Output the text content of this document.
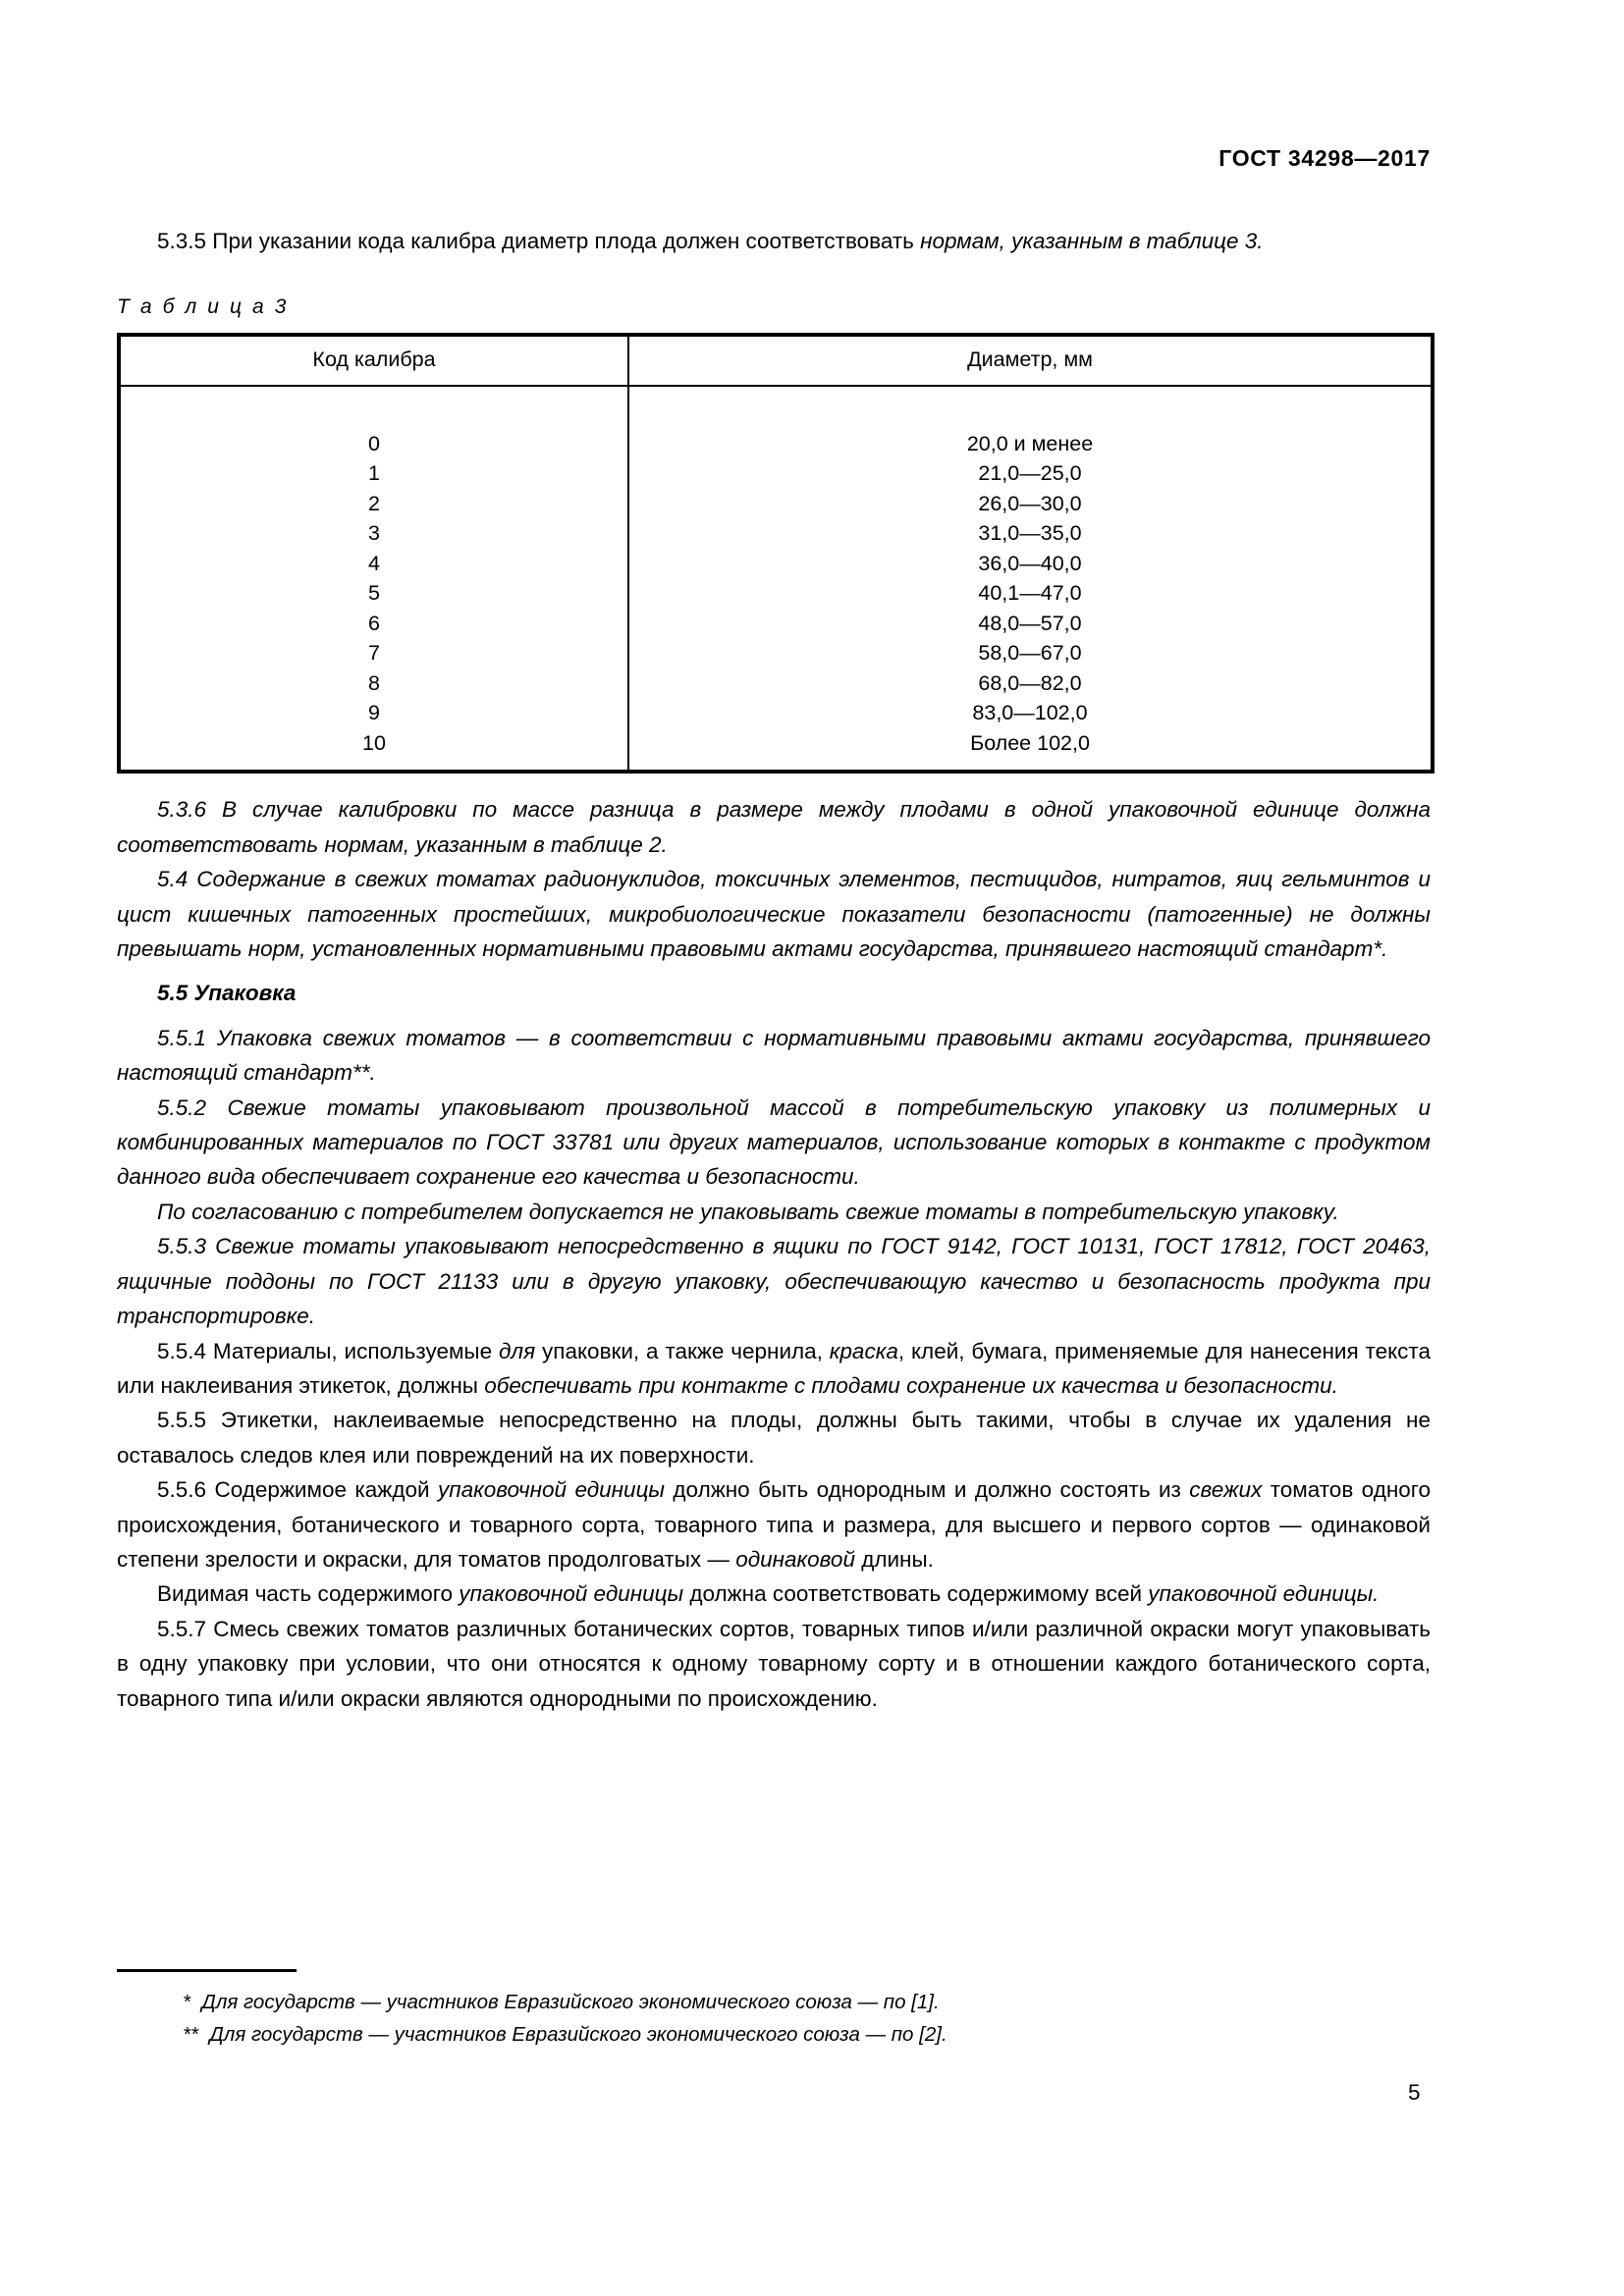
ГОСТ 34298—2017

5.3.5 При указании кода калибра диаметр плода должен соответствовать нормам, указанным в таблице 3.

Т а б л и ц а 3
Код калибра	Диаметр, мм

0	20,0 и менее
1	21,0—25,0
2	26,0—30,0
3	31,0—35,0
4	36,0—40,0
5	40,1—47,0
6	48,0—57,0
7	58,0—67,0
8	68,0—82,0
9	83,0—102,0
10	Более 102,0

5.3.6 В случае калибровки по массе разница в размере между плодами в одной упаковочной единице должна соответствовать нормам, указанным в таблице 2.

5.4 Содержание в свежих томатах радионуклидов, токсичных элементов, пестицидов, нитратов, яиц гельминтов и цист кишечных патогенных простейших, микробиологические показатели безопасности (патогенные) не должны превышать норм, установленных нормативными правовыми актами государства, принявшего настоящий стандарт*.

5.5 Упаковка

5.5.1 Упаковка свежих томатов — в соответствии с нормативными правовыми актами государства, принявшего настоящий стандарт**.

5.5.2 Свежие томаты упаковывают произвольной массой в потребительскую упаковку из полимерных и комбинированных материалов по ГОСТ 33781 или других материалов, использование которых в контакте с продуктом данного вида обеспечивает сохранение его качества и безопасности.

По согласованию с потребителем допускается не упаковывать свежие томаты в потребительскую упаковку.

5.5.3 Свежие томаты упаковывают непосредственно в ящики по ГОСТ 9142, ГОСТ 10131, ГОСТ 17812, ГОСТ 20463, ящичные поддоны по ГОСТ 21133 или в другую упаковку, обеспечивающую качество и безопасность продукта при транспортировке.

5.5.4 Материалы, используемые для упаковки, а также чернила, краска, клей, бумага, применяемые для нанесения текста или наклеивания этикеток, должны обеспечивать при контакте с плодами сохранение их качества и безопасности.

5.5.5 Этикетки, наклеиваемые непосредственно на плоды, должны быть такими, чтобы в случае их удаления не оставалось следов клея или повреждений на их поверхности.

5.5.6 Содержимое каждой упаковочной единицы должно быть однородным и должно состоять из свежих томатов одного происхождения, ботанического и товарного сорта, товарного типа и размера, для высшего и первого сортов — одинаковой степени зрелости и окраски, для томатов продолговатых — одинаковой длины.

Видимая часть содержимого упаковочной единицы должна соответствовать содержимому всей упаковочной единицы.

5.5.7 Смесь свежих томатов различных ботанических сортов, товарных типов и/или различной окраски могут упаковывать в одну упаковку при условии, что они относятся к одному товарному сорту и в отношении каждого ботанического сорта, товарного типа и/или окраски являются однородными по происхождению.

* Для государств — участников Евразийского экономического союза — по [1].

** Для государств — участников Евразийского экономического союза — по [2].

5
